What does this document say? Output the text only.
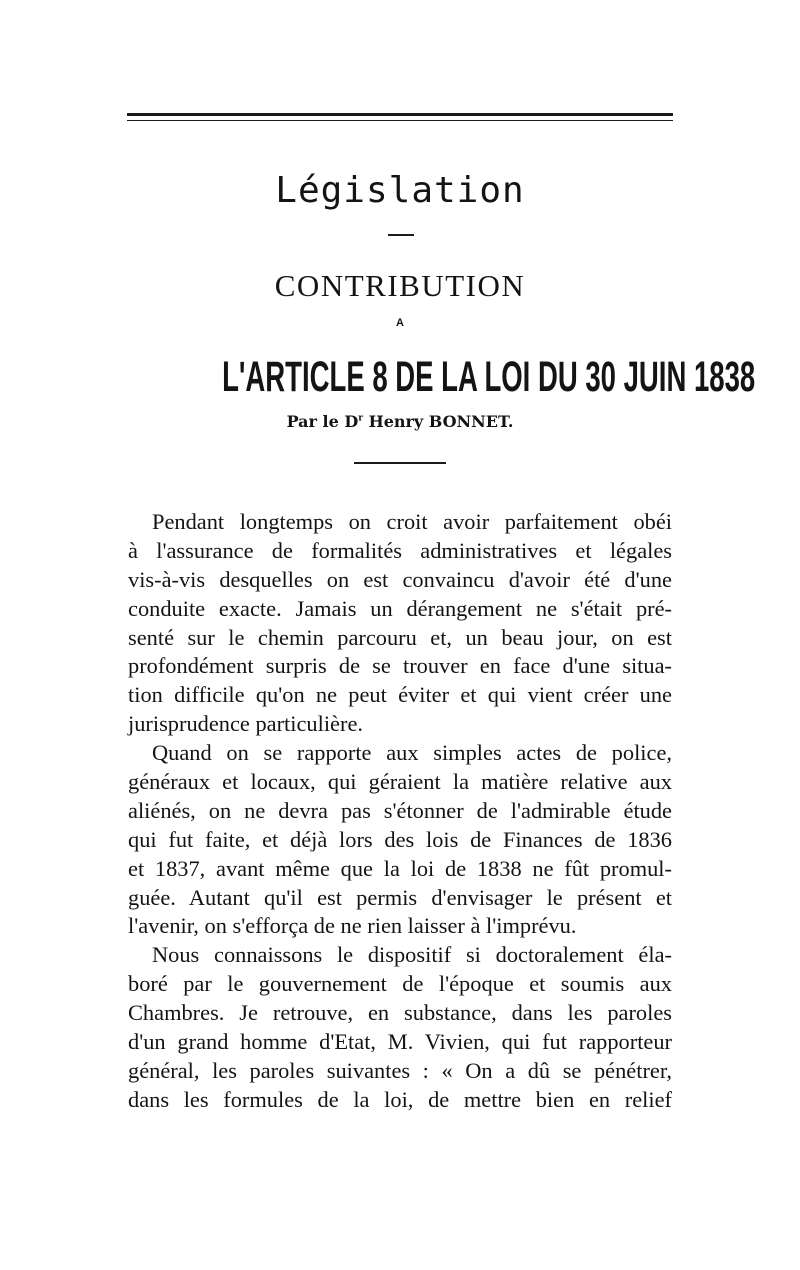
Législation
CONTRIBUTION
A
L'ARTICLE 8 DE LA LOI DU 30 JUIN 1838
Par le $D^r$ Henry BONNET.
Pendant longtemps on croit avoir parfaitement obéi
à l'assurance de formalités administratives et légales
vis-à-vis desquelles on est convaincu d'avoir été d'une
conduite exacte. Jamais un dérangement ne s'était pré-
senté sur le chemin parcouru et, un beau jour, on est
profondément surpris de se trouver en face d'une situa-
tion difficile qu'on ne peut éviter et qui vient créer une
jurisprudence particulière.
Quand on se rapporte aux simples actes de police,
généraux et locaux, qui géraient la matière relative aux
aliénés, on ne devra pas s'étonner de l'admirable étude
qui fut faite, et déjà lors des lois de Finances de 1836
et 1837, avant même que la loi de 1838 ne fût promul-
guée. Autant qu'il est permis d'envisager le présent et
l'avenir, on s'efforça de ne rien laisser à l'imprévu.
Nous connaissons le dispositif si doctoralement éla-
boré par le gouvernement de l'époque et soumis aux
Chambres. Je retrouve, en substance, dans les paroles
d'un grand homme d'Etat, M. Vivien, qui fut rapporteur
général, les paroles suivantes : « On a dû se pénétrer,
dans les formules de la loi, de mettre bien en relief
